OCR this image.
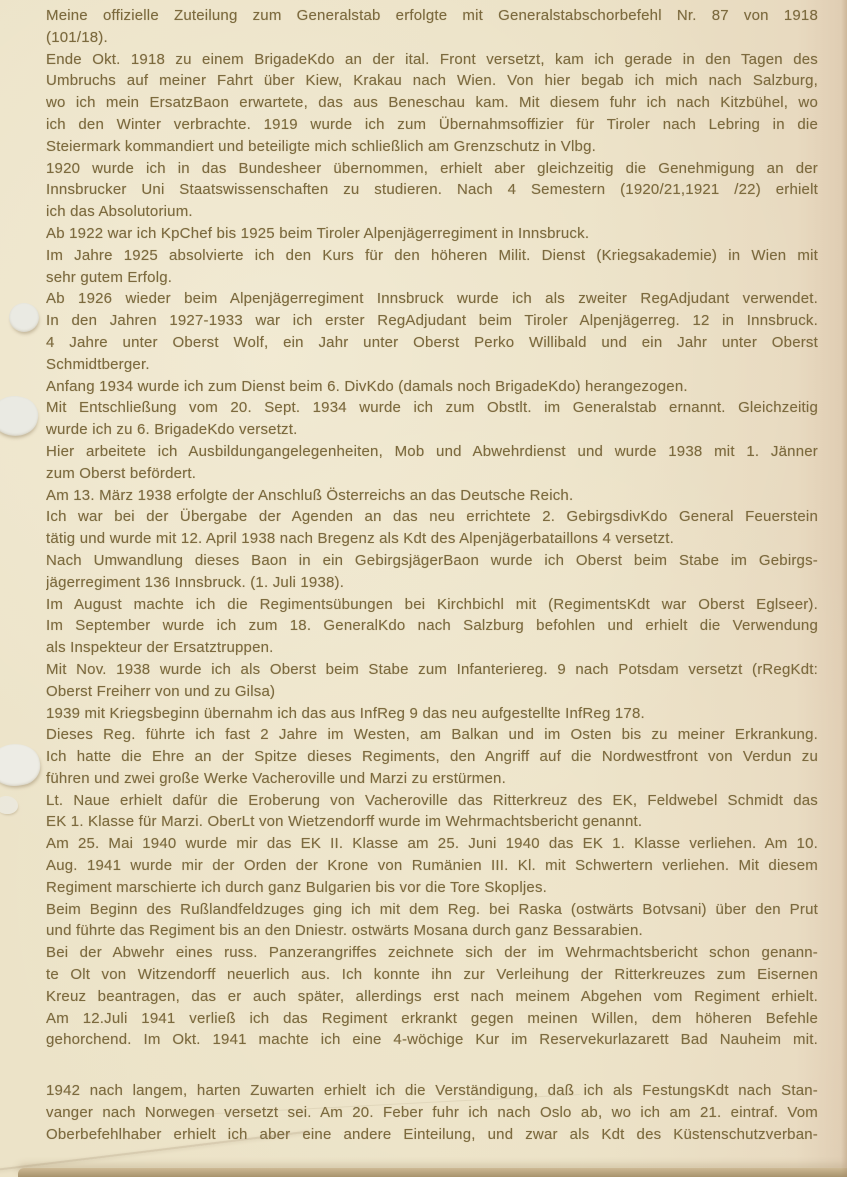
Meine offizielle Zuteilung zum Generalstab erfolgte mit Generalstabschorbefehl Nr. 87 von 1918
(101/18).
Ende Okt. 1918 zu einem BrigadeKdo an der ital. Front versetzt, kam ich gerade in den Tagen des
Umbruchs auf meiner Fahrt über Kiew, Krakau nach Wien. Von hier begab ich mich nach Salzburg,
wo ich mein ErsatzBaon erwartete, das aus Beneschau kam. Mit diesem fuhr ich nach Kitzbühel, wo
ich den Winter verbrachte. 1919 wurde ich zum Übernahmsoffizier für Tiroler nach Lebring in die
Steiermark kommandiert und beteiligte mich schließlich am Grenzschutz in Vlbg.
1920 wurde ich in das Bundesheer übernommen, erhielt aber gleichzeitig die Genehmigung an der
Innsbrucker Uni Staatswissenschaften zu studieren. Nach 4 Semestern (1920/21,1921 /22) erhielt
ich das Absolutorium.
Ab 1922 war ich KpChef bis 1925 beim Tiroler Alpenjägerregiment in Innsbruck.
Im Jahre 1925 absolvierte ich den Kurs für den höheren Milit. Dienst (Kriegsakademie) in Wien mit
sehr gutem Erfolg.
Ab 1926 wieder beim Alpenjägerregiment Innsbruck wurde ich als zweiter RegAdjudant verwendet.
In den Jahren 1927-1933 war ich erster RegAdjudant beim Tiroler Alpenjägerreg. 12 in Innsbruck.
4 Jahre unter Oberst Wolf, ein Jahr unter Oberst Perko Willibald und ein Jahr unter Oberst
Schmidtberger.
Anfang 1934 wurde ich zum Dienst beim 6. DivKdo (damals noch BrigadeKdo) herangezogen.
Mit Entschließung vom 20. Sept. 1934 wurde ich zum Obstlt. im Generalstab ernannt. Gleichzeitig
wurde ich zu 6. BrigadeKdo versetzt.
Hier arbeitete ich Ausbildungangelegenheiten, Mob und Abwehrdienst und wurde 1938 mit 1. Jänner
zum Oberst befördert.
Am 13. März 1938 erfolgte der Anschluß Österreichs an das Deutsche Reich.
Ich war bei der Übergabe der Agenden an das neu errichtete 2. GebirgsdivKdo General Feuerstein
tätig und wurde mit 12. April 1938 nach Bregenz als Kdt des Alpenjägerbataillons 4 versetzt.
Nach Umwandlung dieses Baon in ein GebirgsjägerBaon wurde ich Oberst beim Stabe im Gebirgs-
jägerregiment 136 Innsbruck. (1. Juli 1938).
Im August machte ich die Regimentsübungen bei Kirchbichl mit (RegimentsKdt war Oberst Eglseer).
Im September wurde ich zum 18. GeneralKdo nach Salzburg befohlen und erhielt die Verwendung
als Inspekteur der Ersatztruppen.
Mit Nov. 1938 wurde ich als Oberst beim Stabe zum Infanteriereg. 9 nach Potsdam versetzt (rRegKdt:
Oberst Freiherr von und zu Gilsa)
1939 mit Kriegsbeginn übernahm ich das aus InfReg 9 das neu aufgestellte InfReg 178.
Dieses Reg. führte ich fast 2 Jahre im Westen, am Balkan und im Osten bis zu meiner Erkrankung.
Ich hatte die Ehre an der Spitze dieses Regiments, den Angriff auf die Nordwestfront von Verdun zu
führen und zwei große Werke Vacheroville und Marzi zu erstürmen.
Lt. Naue erhielt dafür die Eroberung von Vacheroville das Ritterkreuz des EK, Feldwebel Schmidt das
EK 1. Klasse für Marzi. OberLt von Wietzendorff wurde im Wehrmachtsbericht genannt.
Am 25. Mai 1940 wurde mir das EK II. Klasse am 25. Juni 1940 das EK 1. Klasse verliehen. Am 10.
Aug. 1941 wurde mir der Orden der Krone von Rumänien III. Kl. mit Schwertern verliehen. Mit diesem
Regiment marschierte ich durch ganz Bulgarien bis vor die Tore Skopljes.
Beim Beginn des Rußlandfeldzuges ging ich mit dem Reg. bei Raska (ostwärts Botvsani) über den Prut
und führte das Regiment bis an den Dniestr. ostwärts Mosana durch ganz Bessarabien.
Bei der Abwehr eines russ. Panzerangriffes zeichnete sich der im Wehrmachtsbericht schon genann-
te Olt von Witzendorff neuerlich aus. Ich konnte ihn zur Verleihung der Ritterkreuzes zum Eisernen
Kreuz beantragen, das er auch später, allerdings erst nach meinem Abgehen vom Regiment erhielt.
Am 12.Juli 1941 verließ ich das Regiment erkrankt gegen meinen Willen, dem höheren Befehle
gehorchend. Im Okt. 1941 machte ich eine 4-wöchige Kur im Reservekurlazarett Bad Nauheim mit.
1942 nach langem, harten Zuwarten erhielt ich die Verständigung, daß ich als FestungsKdt nach Stan-
vanger nach Norwegen versetzt sei. Am 20. Feber fuhr ich nach Oslo ab, wo ich am 21. eintraf. Vom
Oberbefehlhaber erhielt ich aber eine andere Einteilung, und zwar als Kdt des Küstenschutzverban-
